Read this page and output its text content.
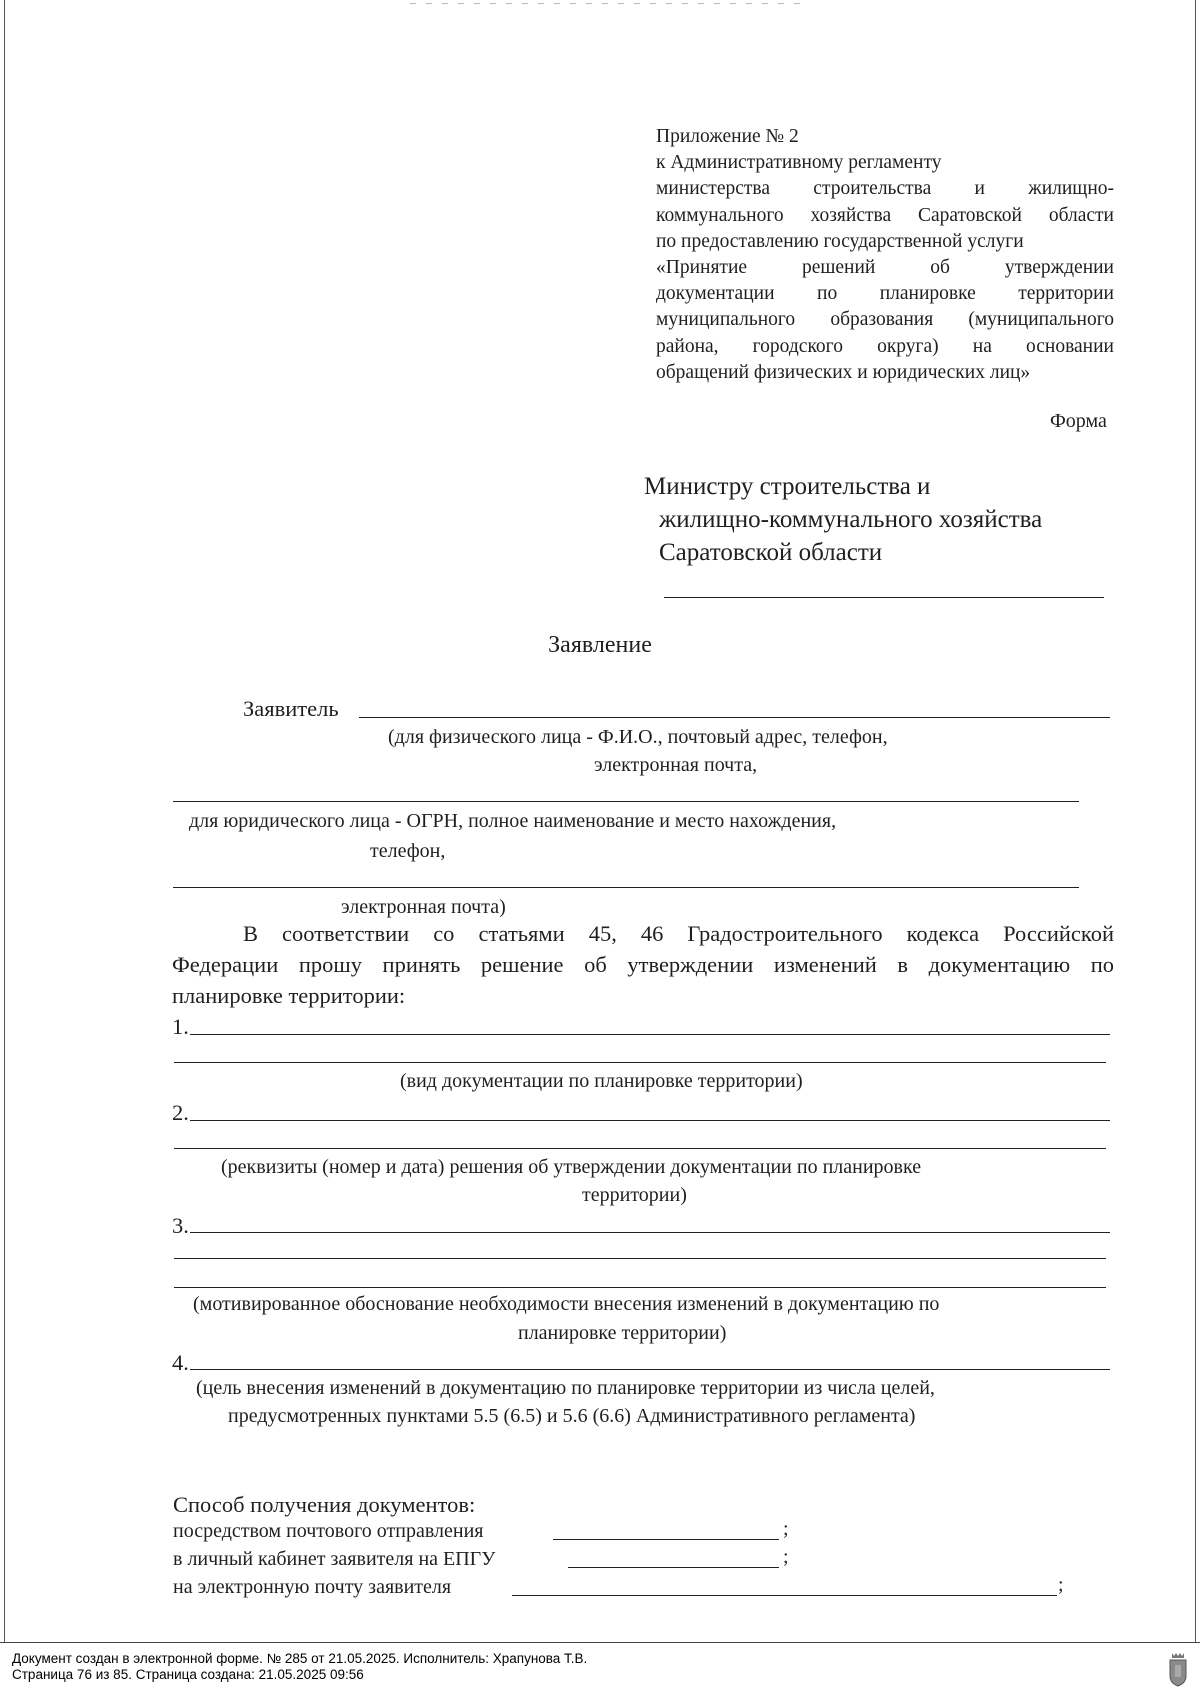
Приложение № 2
к Административному регламенту
министерства строительства и жилищно-
коммунального хозяйства Саратовской области
по предоставлению государственной услуги
«Принятие решений об утверждении
документации по планировке территории
муниципального образования (муниципального
района, городского округа) на основании
обращений физических и юридических лиц»
Форма
Министру строительства и
жилищно-коммунального хозяйства
Саратовской области
Заявление
Заявитель
(для физического лица - Ф.И.О., почтовый адрес, телефон,
электронная почта,
для юридического лица - ОГРН, полное наименование и место нахождения,
телефон,
электронная почта)
В соответствии со статьями 45, 46 Градостроительного кодекса Российской
Федерации прошу принять решение об утверждении изменений в документацию по
планировке территории:
1.
(вид документации по планировке территории)
2.
(реквизиты (номер и дата) решения об утверждении документации по планировке
территории)
3.
(мотивированное обоснование необходимости внесения изменений в документацию по
планировке территории)
4.
(цель внесения изменений в документацию по планировке территории из числа целей,
предусмотренных пунктами 5.5 (6.5) и 5.6 (6.6) Административного регламента)
Способ получения документов:
посредством почтового отправления	;
в личный кабинет заявителя на ЕПГУ	;
на электронную почту заявителя	;
Документ создан в электронной форме. № 285 от 21.05.2025. Исполнитель: Храпунова Т.В.
Страница 76 из 85. Страница создана: 21.05.2025 09:56
